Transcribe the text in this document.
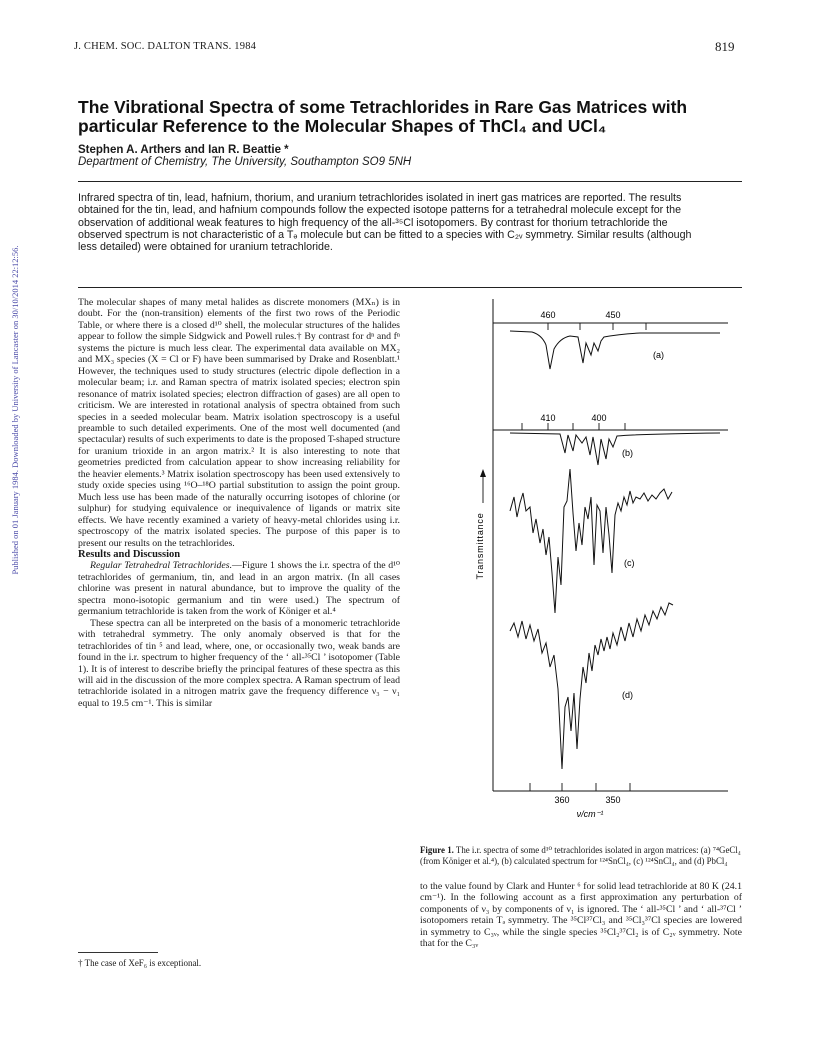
Published on 01 January 1984. Downloaded by University of Lancaster on 30/10/2014 22:12:56.
J. CHEM. SOC. DALTON TRANS. 1984	819
The Vibrational Spectra of some Tetrachlorides in Rare Gas Matrices with particular Reference to the Molecular Shapes of ThCl₄ and UCl₄
Stephen A. Arthers and Ian R. Beattie *
Department of Chemistry, The University, Southampton SO9 5NH
Infrared spectra of tin, lead, hafnium, thorium, and uranium tetrachlorides isolated in inert gas matrices are reported. The results obtained for the tin, lead, and hafnium compounds follow the expected isotope patterns for a tetrahedral molecule except for the observation of additional weak features to high frequency of the all-³⁵Cl isotopomers. By contrast for thorium tetrachloride the observed spectrum is not characteristic of a Tₔ molecule but can be fitted to a species with C₂ᵥ symmetry. Similar results (although less detailed) were obtained for uranium tetrachloride.

The molecular shapes of many metal halides as discrete monomers (MXₙ) is in doubt. For the (non-transition) elements of the first two rows of the Periodic Table, or where there is a closed d¹⁰ shell, the molecular structures of the halides appear to follow the simple Sidgwick and Powell rules.† By contrast for dⁿ and fⁿ systems the picture is much less clear. The experimental data available on MX₂ and MX₃ species (X = Cl or F) have been summarised by Drake and Rosenblatt.¹ However, the techniques used to study structures (electric dipole deflection in a molecular beam; i.r. and Raman spectra of matrix isolated species; electron spin resonance of matrix isolated species; electron diffraction of gases) are all open to criticism. We are interested in rotational analysis of spectra obtained from such species in a seeded molecular beam. Matrix isolation spectroscopy is a useful preamble to such detailed experiments. One of the most well documented (and spectacular) results of such experiments to date is the proposed T-shaped structure for uranium trioxide in an argon matrix.² It is also interesting to note that geometries predicted from calculation appear to show increasing reliability for the heavier elements.³ Matrix isolation spectroscopy has been used extensively to study oxide species using ¹⁶O–¹⁸O partial substitution to assign the point group. Much less use has been made of the naturally occurring isotopes of chlorine (or sulphur) for studying equivalence or inequivalence of ligands or matrix site effects. We have recently examined a variety of heavy-metal chlorides using i.r. spectroscopy of the matrix isolated species. The purpose of this paper is to present our results on the tetrachlorides.

Results and Discussion

Regular Tetrahedral Tetrachlorides.—Figure 1 shows the i.r. spectra of the d¹⁰ tetrachlorides of germanium, tin, and lead in an argon matrix. (In all cases chlorine was present in natural abundance, but to improve the quality of the spectra mono-isotopic germanium and tin were used.) The spectrum of germanium tetrachloride is taken from the work of Königer et al.⁴

These spectra can all be interpreted on the basis of a monomeric tetrachloride with tetrahedral symmetry. The only anomaly observed is that for the tetrachlorides of tin ⁵ and lead, where, one, or occasionally two, weak bands are found in the i.r. spectrum to higher frequency of the ‘ all-³⁵Cl ’ isotopomer (Table 1). It is of interest to describe briefly the principal features of these spectra as this will aid in the discussion of the more complex spectra. A Raman spectrum of lead tetrachloride isolated in a nitrogen matrix gave the frequency difference ν₃ − ν₁ equal to 19.5 cm⁻¹. This is similar

460	450
(a)
410	400
(b)
(c)
(d)
360	350
ν/cm⁻¹
Transmittance
Figure 1. The i.r. spectra of some d¹⁰ tetrachlorides isolated in argon matrices: (a) ⁷⁴GeCl₄ (from Königer et al.⁴), (b) calculated spectrum for ¹²⁴SnCl₄, (c) ¹²⁴SnCl₄, and (d) PbCl₄

to the value found by Clark and Hunter ⁶ for solid lead tetrachloride at 80 K (24.1 cm⁻¹). In the following account as a first approximation any perturbation of components of ν₃ by components of ν₁ is ignored. The ‘ all-³⁵Cl ’ and ‘ all-³⁷Cl ’ isotopomers retain Tₔ symmetry. The ³⁵Cl³⁷Cl₃ and ³⁵Cl₃³⁷Cl species are lowered in symmetry to C₃ᵥ, while the single species ³⁵Cl₂³⁷Cl₂ is of C₂ᵥ symmetry. Note that for the C₃ᵥ

† The case of XeF₆ is exceptional.
